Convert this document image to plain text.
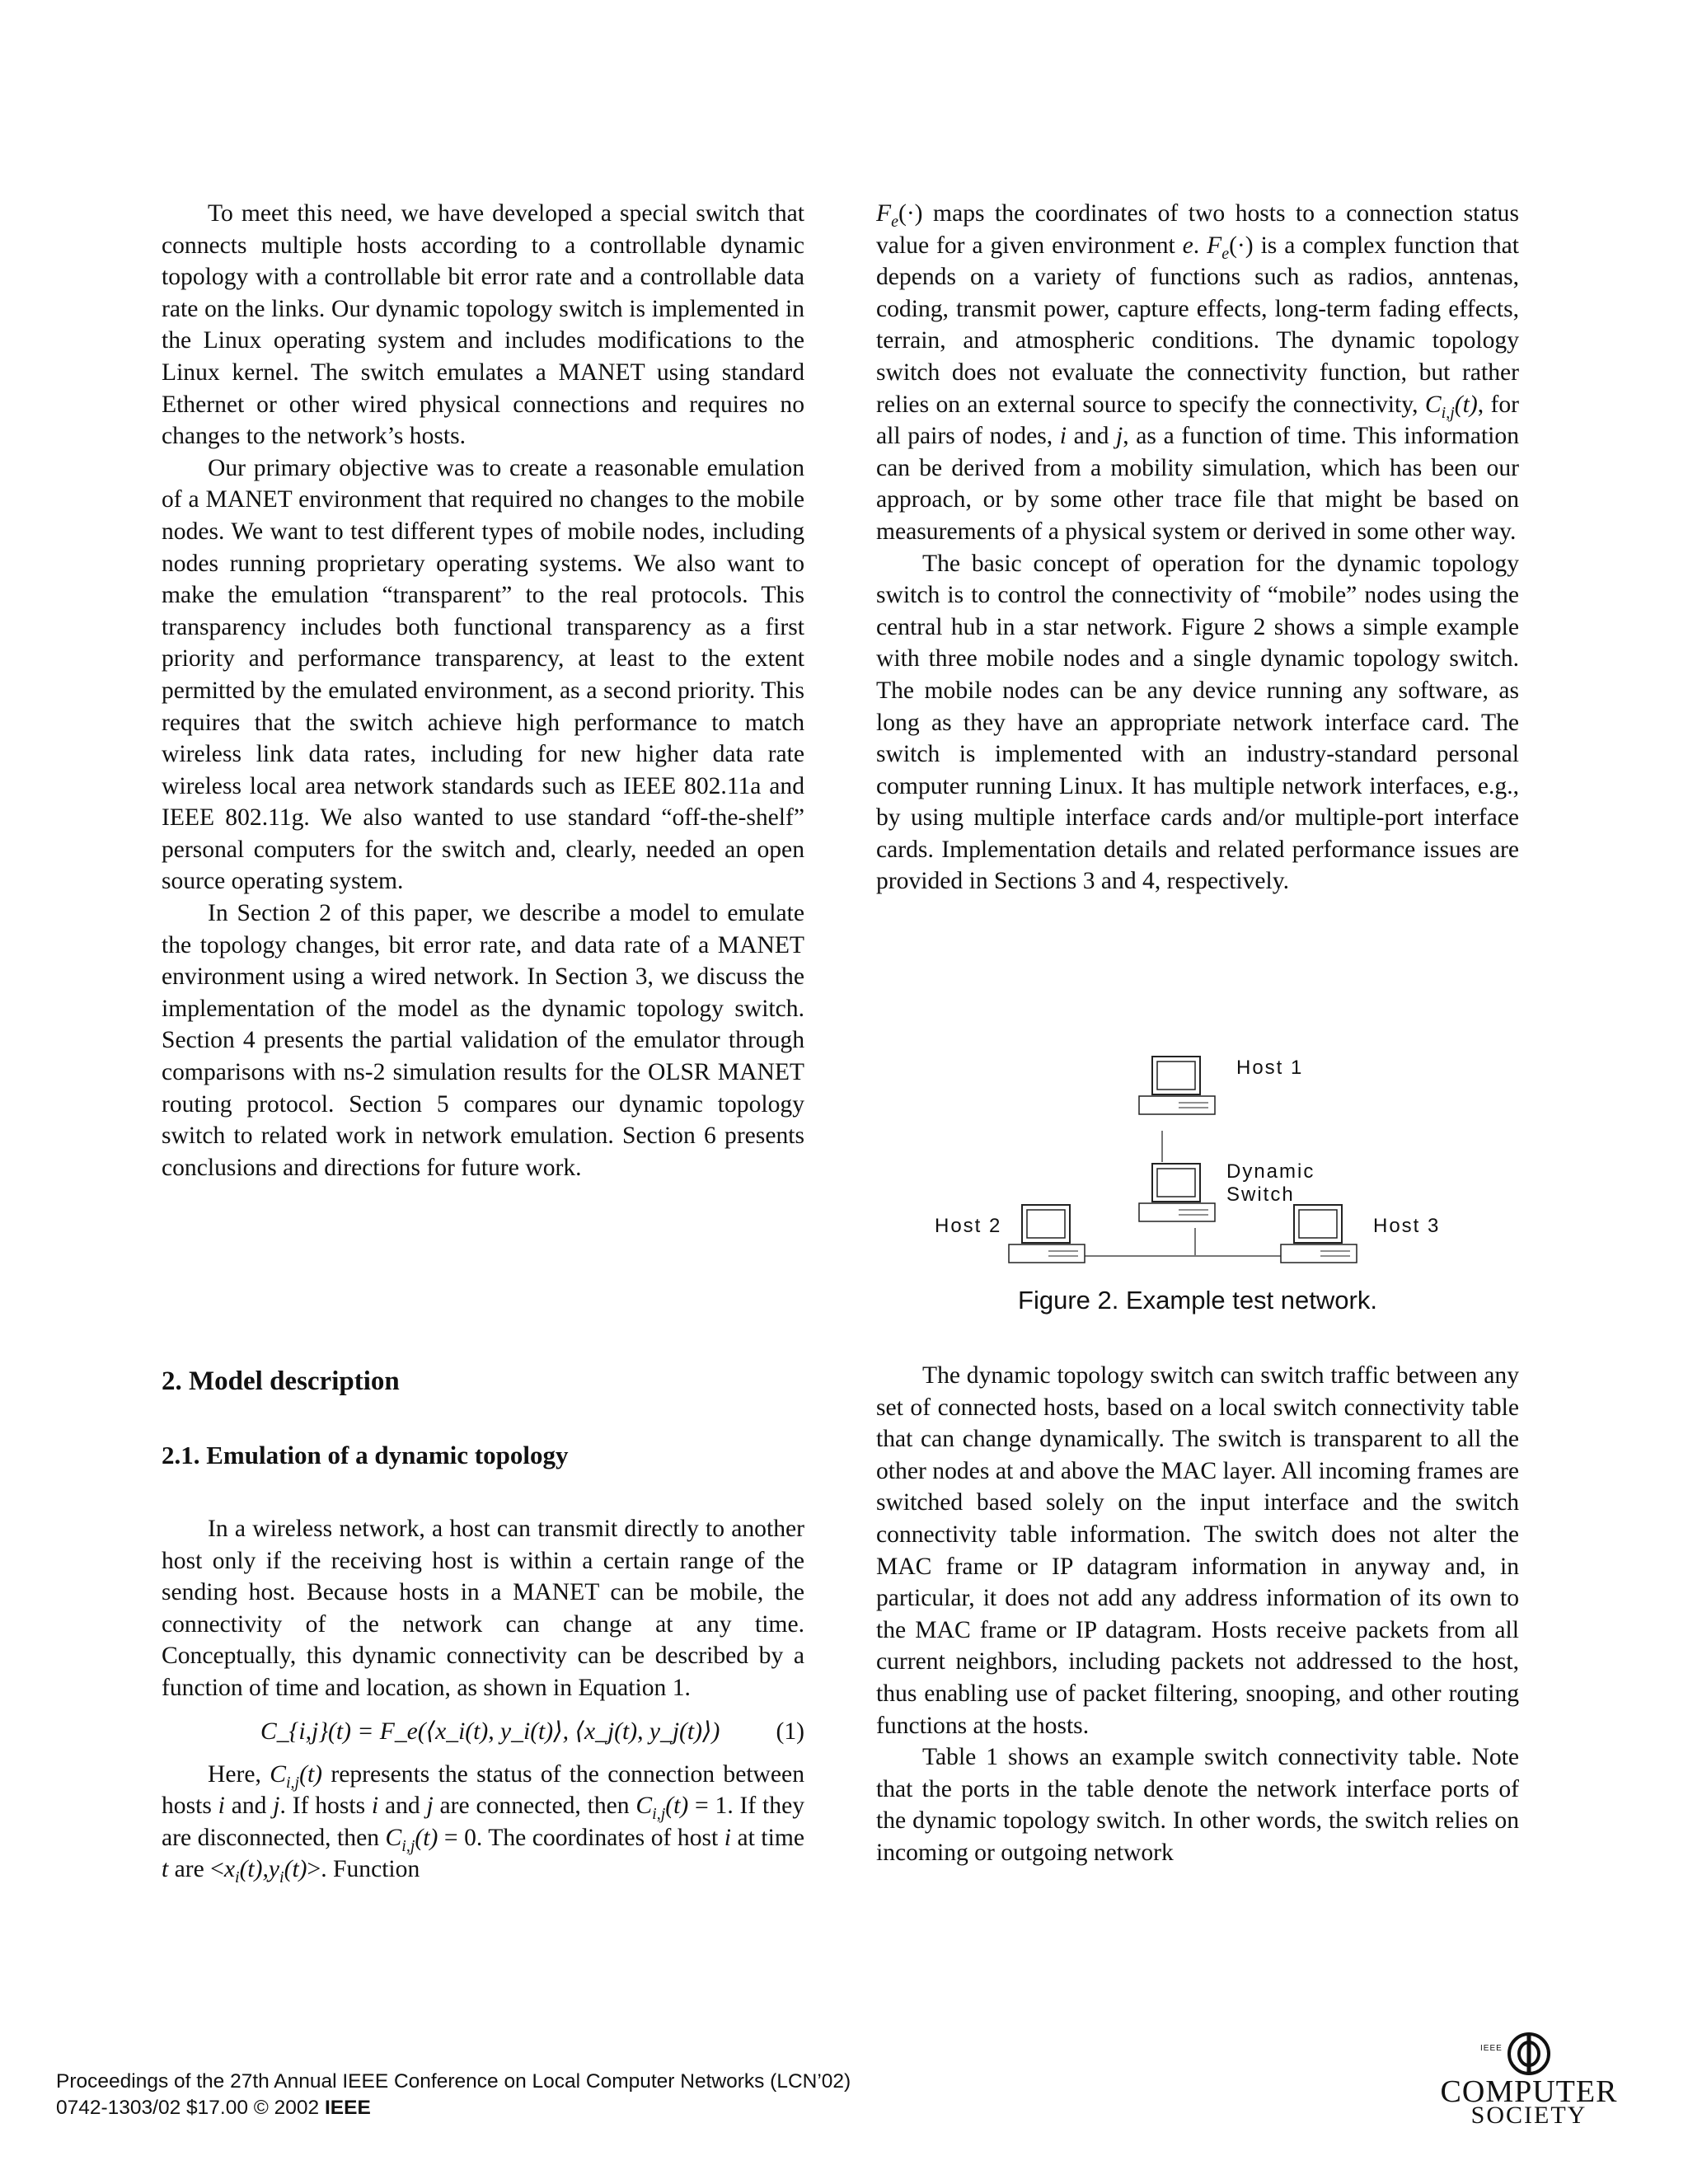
To meet this need, we have developed a special switch that connects multiple hosts according to a controllable dynamic topology with a controllable bit error rate and a controllable data rate on the links. Our dynamic topology switch is implemented in the Linux operating system and includes modifications to the Linux kernel. The switch emulates a MANET using standard Ethernet or other wired physical connections and requires no changes to the network’s hosts.

Our primary objective was to create a reasonable emulation of a MANET environment that required no changes to the mobile nodes. We want to test different types of mobile nodes, including nodes running proprietary operating systems. We also want to make the emulation “transparent” to the real protocols. This transparency includes both functional transparency as a first priority and performance transparency, at least to the extent permitted by the emulated environment, as a second priority. This requires that the switch achieve high performance to match wireless link data rates, including for new higher data rate wireless local area network standards such as IEEE 802.11a and IEEE 802.11g. We also wanted to use standard “off-the-shelf” personal computers for the switch and, clearly, needed an open source operating system.

In Section 2 of this paper, we describe a model to emulate the topology changes, bit error rate, and data rate of a MANET environment using a wired network. In Section 3, we discuss the implementation of the model as the dynamic topology switch. Section 4 presents the partial validation of the emulator through comparisons with ns-2 simulation results for the OLSR MANET routing protocol. Section 5 compares our dynamic topology switch to related work in network emulation. Section 6 presents conclusions and directions for future work.

2. Model description
2.1. Emulation of a dynamic topology

In a wireless network, a host can transmit directly to another host only if the receiving host is within a certain range of the sending host. Because hosts in a MANET can be mobile, the connectivity of the network can change at any time. Conceptually, this dynamic connectivity can be described by a function of time and location, as shown in Equation 1.

C_{i,j}(t) = F_e(⟨x_i(t), y_i(t)⟩, ⟨x_j(t), y_j(t)⟩) (1)

Here, $C_{i,j}(t)$ represents the status of the connection between hosts i and j. If hosts i and j are connected, then $C_{i,j}(t) = 1$. If they are disconnected, then $C_{i,j}(t) = 0$. The coordinates of host i at time t are $<x_i(t),y_i(t)>$. Function

$F_e(\cdot)$ maps the coordinates of two hosts to a connection status value for a given environment e. $F_e(\cdot)$ is a complex function that depends on a variety of functions such as radios, anntenas, coding, transmit power, capture effects, long-term fading effects, terrain, and atmospheric conditions. The dynamic topology switch does not evaluate the connectivity function, but rather relies on an external source to specify the connectivity, $C_{i,j}(t)$, for all pairs of nodes, i and j, as a function of time. This information can be derived from a mobility simulation, which has been our approach, or by some other trace file that might be based on measurements of a physical system or derived in some other way.

The basic concept of operation for the dynamic topology switch is to control the connectivity of “mobile” nodes using the central hub in a star network. Figure 2 shows a simple example with three mobile nodes and a single dynamic topology switch. The mobile nodes can be any device running any software, as long as they have an appropriate network interface card. The switch is implemented with an industry-standard personal computer running Linux. It has multiple network interfaces, e.g., by using multiple interface cards and/or multiple-port interface cards. Implementation details and related performance issues are provided in Sections 3 and 4, respectively.

Host 1
Dynamic
Switch
Host 2	Host 3
Figure 2. Example test network.

The dynamic topology switch can switch traffic between any set of connected hosts, based on a local switch connectivity table that can change dynamically. The switch is transparent to all the other nodes at and above the MAC layer. All incoming frames are switched based solely on the input interface and the switch connectivity table information. The switch does not alter the MAC frame or IP datagram information in anyway and, in particular, it does not add any address information of its own to the MAC frame or IP datagram. Hosts receive packets from all current neighbors, including packets not addressed to the host, thus enabling use of packet filtering, snooping, and other routing functions at the hosts.

Table 1 shows an example switch connectivity table. Note that the ports in the table denote the network interface ports of the dynamic topology switch. In other words, the switch relies on incoming or outgoing network

Proceedings of the 27th Annual IEEE Conference on Local Computer Networks (LCN’02)
0742-1303/02 $17.00 © 2002 IEEE
IEEE
COMPUTER
SOCIETY
